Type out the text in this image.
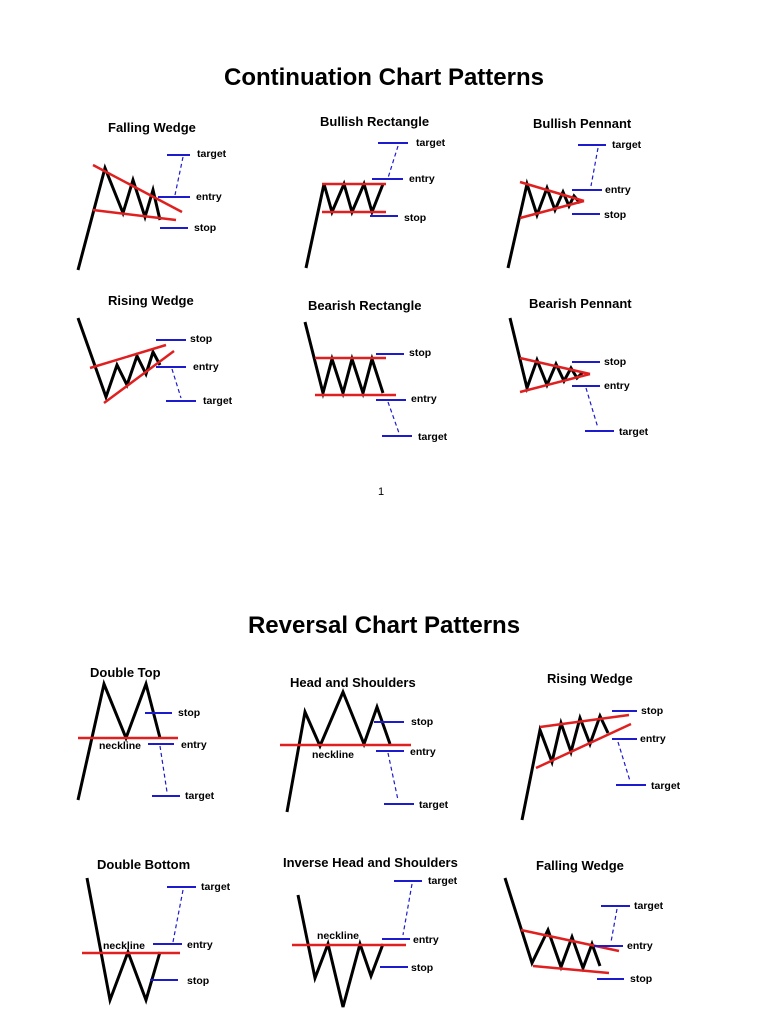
Continuation Chart Patterns
1
Reversal Chart Patterns
Falling Wedge
target
entry
stop
Bullish Rectangle
target
entry
stop
Bullish Pennant
target
entry
stop
Rising Wedge
stop
entry
target
Bearish Rectangle
stop
entry
target
Bearish Pennant
stop
entry
target
Double Top
stop
neckline	entry
target
Head and Shoulders
stop
neckline	entry
target
Rising Wedge
stop
entry
target
Double Bottom
target
neckline	entry
stop
Inverse Head and Shoulders
target
neckline	entry
stop
Falling Wedge
target
entry
stop
